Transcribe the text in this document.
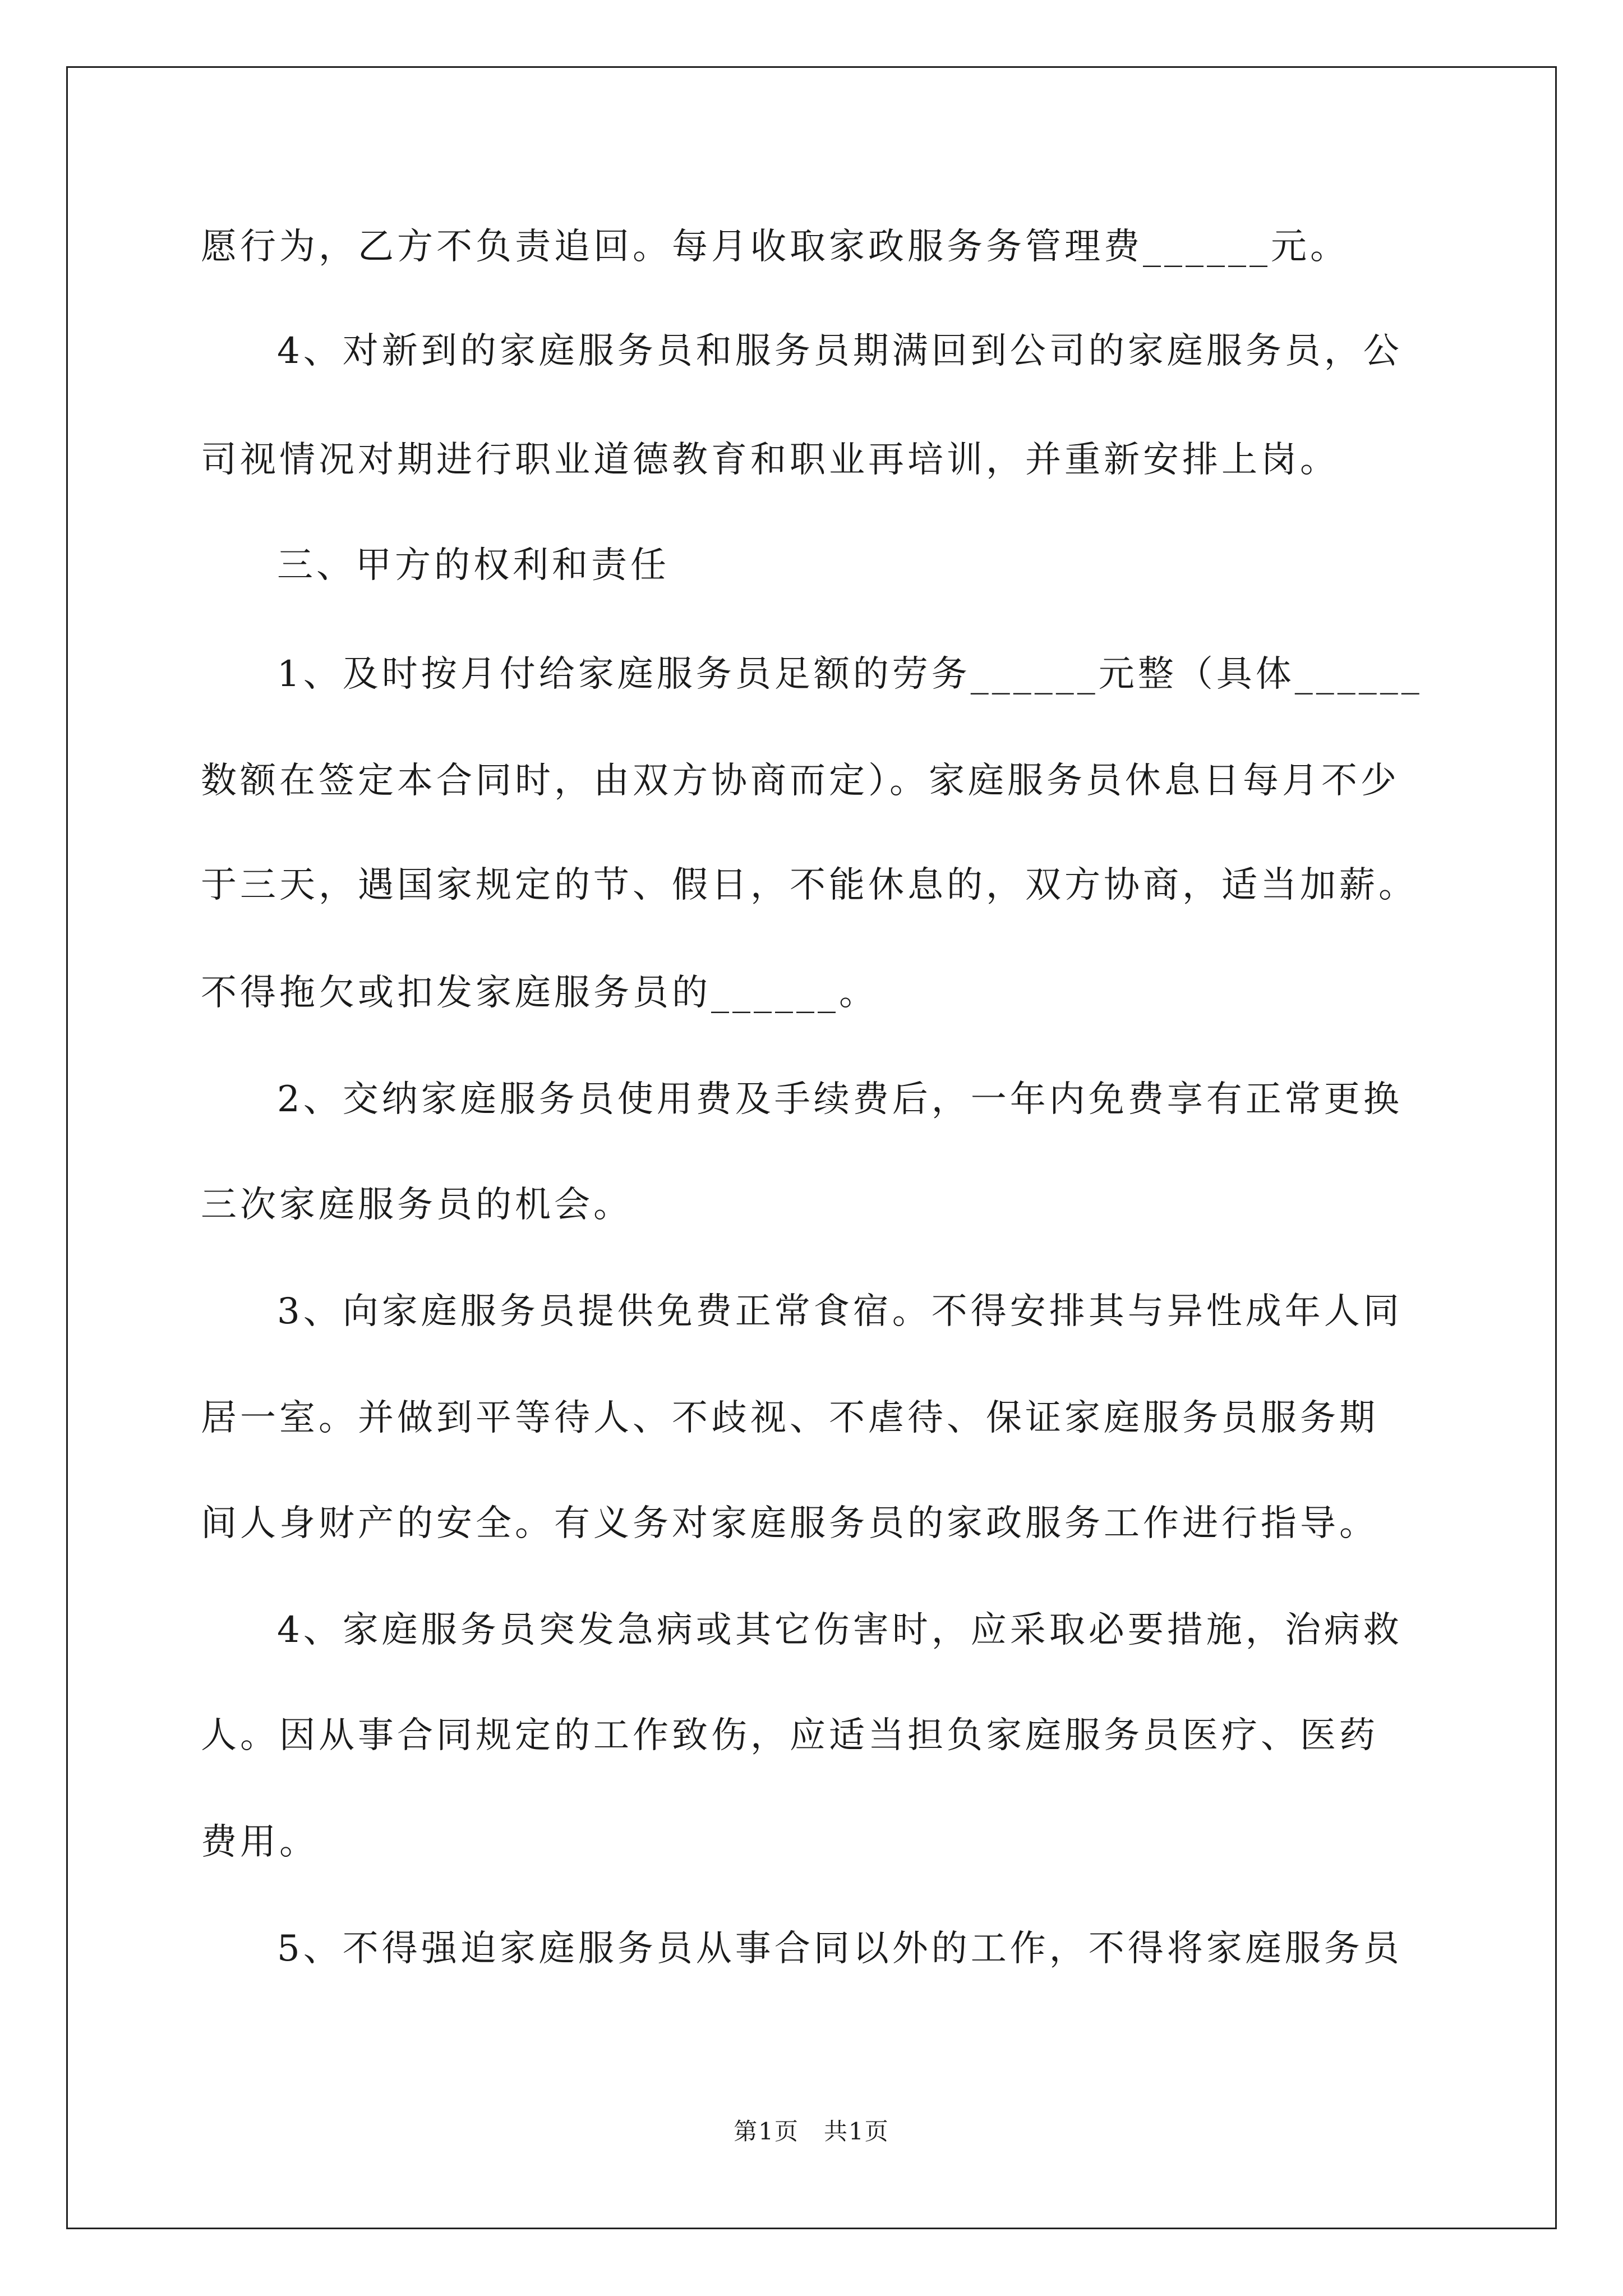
愿行为，乙方不负责追回。每月收取家政服务务管理费______元。
4、对新到的家庭服务员和服务员期满回到公司的家庭服务员，公
司视情况对期进行职业道德教育和职业再培训，并重新安排上岗。
三、甲方的权利和责任
1、及时按月付给家庭服务员足额的劳务______元整（具体______
数额在签定本合同时，由双方协商而定）。家庭服务员休息日每月不少
于三天，遇国家规定的节、假日，不能休息的，双方协商，适当加薪。
不得拖欠或扣发家庭服务员的______。
2、交纳家庭服务员使用费及手续费后，一年内免费享有正常更换
三次家庭服务员的机会。
3、向家庭服务员提供免费正常食宿。不得安排其与异性成年人同
居一室。并做到平等待人、不歧视、不虐待、保证家庭服务员服务期
间人身财产的安全。有义务对家庭服务员的家政服务工作进行指导。
4、家庭服务员突发急病或其它伤害时，应采取必要措施，治病救
人。因从事合同规定的工作致伤，应适当担负家庭服务员医疗、医药
费用。
5、不得强迫家庭服务员从事合同以外的工作，不得将家庭服务员
第1页　共1页
